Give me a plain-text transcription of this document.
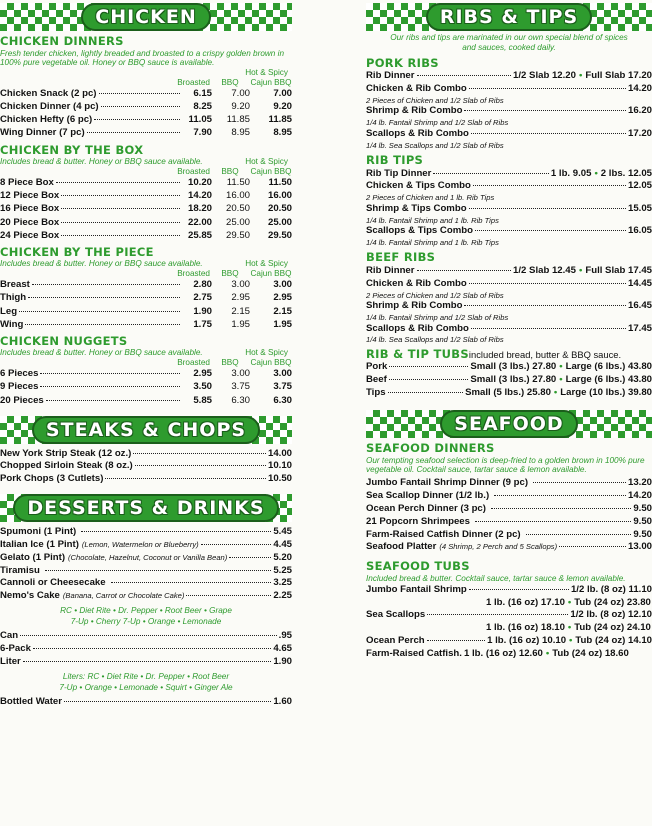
CHICKEN
CHICKEN DINNERS
Fresh tender chicken, lightly breaded and broasted to a crispy golden brown in 100% pure vegetable oil. Honey or BBQ sauce is available.
Hot & Spicy
Broasted	BBQ	Cajun BBQ
Chicken Snack (2 pc)	6.15	7.00	7.00
Chicken Dinner (4 pc)	8.25	9.20	9.20
Chicken Hefty (6 pc)	11.05	11.85	11.85
Wing Dinner (7 pc)	7.90	8.95	8.95
CHICKEN BY THE BOX
Includes bread & butter. Honey or BBQ sauce available.	Hot & Spicy
Broasted	BBQ	Cajun BBQ
8 Piece Box	10.20	11.50	11.50
12 Piece Box	14.20	16.00	16.00
16 Piece Box	18.20	20.50	20.50
20 Piece Box	22.00	25.00	25.00
24 Piece Box	25.85	29.50	29.50
CHICKEN BY THE PIECE
Includes bread & butter. Honey or BBQ sauce available.	Hot & Spicy
Broasted	BBQ	Cajun BBQ
Breast	2.80	3.00	3.00
Thigh	2.75	2.95	2.95
Leg	1.90	2.15	2.15
Wing	1.75	1.95	1.95
CHICKEN NUGGETS
Includes bread & butter. Honey or BBQ sauce available.	Hot & Spicy
Broasted	BBQ	Cajun BBQ
6 Pieces	2.95	3.00	3.00
9 Pieces	3.50	3.75	3.75
20 Pieces	5.85	6.30	6.30
STEAKS & CHOPS
New York Strip Steak (12 oz.)	14.00
Chopped Sirloin Steak (8 oz.)	10.10
Pork Chops (3 Cutlets)	10.50
DESSERTS & DRINKS
Spumoni (1 Pint)	5.45
Italian Ice (1 Pint) (Lemon, Watermelon or Blueberry)	4.45
Gelato (1 Pint) (Chocolate, Hazelnut, Coconut or Vanilla Bean)	5.20
Tiramisu	5.25
Cannoli or Cheesecake	3.25
Nemo's Cake (Banana, Carrot or Chocolate Cake)	2.25
RC • Diet Rite • Dr. Pepper • Root Beer • Grape
7-Up • Cherry 7-Up • Orange • Lemonade
Can	.95
6-Pack	4.65
Liter	1.90
Liters: RC • Diet Rite • Dr. Pepper • Root Beer
7-Up • Orange • Lemonade • Squirt • Ginger Ale
Bottled Water	1.60
RIBS & TIPS
Our ribs and tips are marinated in our own special blend of spices and sauces, cooked daily.
PORK RIBS
Rib Dinner	1/2 Slab 12.20 • Full Slab 17.20
Chicken & Rib Combo	14.20
2 Pieces of Chicken and 1/2 Slab of Ribs
Shrimp & Rib Combo	16.20
1/4 lb. Fantail Shrimp and 1/2 Slab of Ribs
Scallops & Rib Combo	17.20
1/4 lb. Sea Scallops and 1/2 Slab of Ribs
RIB TIPS
Rib Tip Dinner	1 lb. 9.05 • 2 lbs. 12.05
Chicken & Tips Combo	12.05
2 Pieces of Chicken and 1 lb. Rib Tips
Shrimp & Tips Combo	15.05
1/4 lb. Fantail Shrimp and 1 lb. Rib Tips
Scallops & Tips Combo	16.05
1/4 lb. Fantail Shrimp and 1 lb. Rib Tips
BEEF RIBS
Rib Dinner	1/2 Slab 12.45 • Full Slab 17.45
Chicken & Rib Combo	14.45
2 Pieces of Chicken and 1/2 Slab of Ribs
Shrimp & Rib Combo	16.45
1/4 lb. Fantail Shrimp and 1/2 Slab of Ribs
Scallops & Rib Combo	17.45
1/4 lb. Sea Scallops and 1/2 Slab of Ribs
RIB & TIP TUBS included bread, butter & BBQ sauce.
Pork	Small (3 lbs.) 27.80 • Large (6 lbs.) 43.80
Beef	Small (3 lbs.) 27.80 • Large (6 lbs.) 43.80
Tips	Small (5 lbs.) 25.80 • Large (10 lbs.) 39.80
SEAFOOD
SEAFOOD DINNERS
Our tempting seafood selection is deep-fried to a golden brown in 100% pure vegetable oil. Cocktail sauce, tartar sauce & lemon available.
Jumbo Fantail Shrimp Dinner (9 pc)	13.20
Sea Scallop Dinner (1/2 lb.)	14.20
Ocean Perch Dinner (3 pc)	9.50
21 Popcorn Shrimpees	9.50
Farm-Raised Catfish Dinner (2 pc)	9.50
Seafood Platter (4 Shrimp, 2 Perch and 5 Scallops)	13.00
SEAFOOD TUBS
Included bread & butter. Cocktail sauce, tartar sauce & lemon available.
Jumbo Fantail Shrimp	1/2 lb. (8 oz) 11.10
1 lb. (16 oz) 17.10 • Tub (24 oz) 23.80
Sea Scallops	1/2 lb. (8 oz) 12.10
1 lb. (16 oz) 18.10 • Tub (24 oz) 24.10
Ocean Perch	1 lb. (16 oz) 10.10 • Tub (24 oz) 14.10
Farm-Raised Catfish. 1 lb. (16 oz) 12.60 • Tub (24 oz) 18.60
